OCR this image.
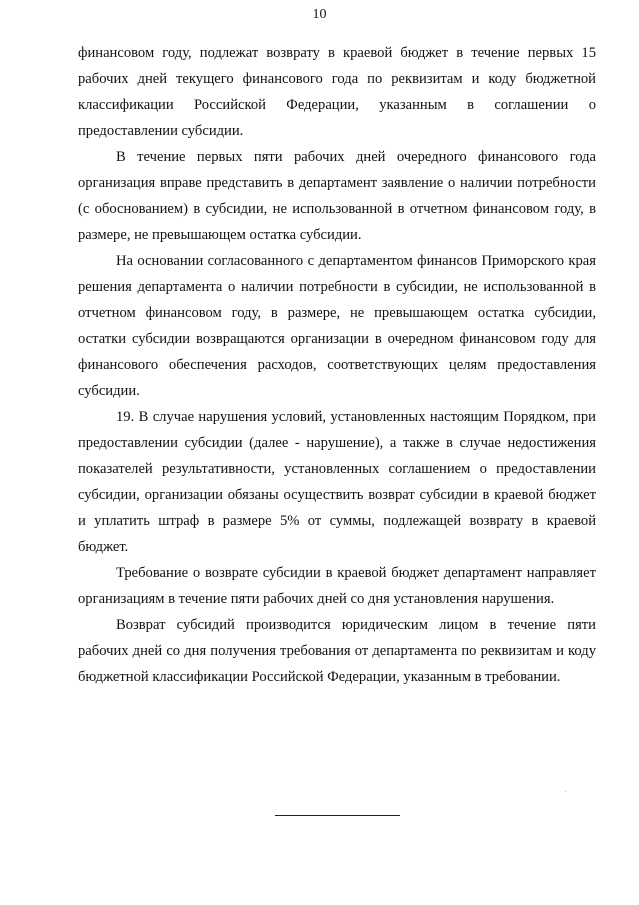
10

финансовом году, подлежат возврату в краевой бюджет в течение первых 15 рабочих дней текущего финансового года по реквизитам и коду бюджетной классификации Российской Федерации, указанным в соглашении о предоставлении субсидии.

В течение первых пяти рабочих дней очередного финансового года организация вправе представить в департамент заявление о наличии потребности (с обоснованием) в субсидии, не использованной в отчетном финансовом году, в размере, не превышающем остатка субсидии.

На основании согласованного с департаментом финансов Приморского края решения департамента о наличии потребности в субсидии, не использованной в отчетном финансовом году, в размере, не превышающем остатка субсидии, остатки субсидии возвращаются организации в очередном финансовом году для финансового обеспечения расходов, соответствующих целям предоставления субсидии.

19. В случае нарушения условий, установленных настоящим Порядком, при предоставлении субсидии (далее - нарушение), а также в случае недостижения показателей результативности, установленных соглашением о предоставлении субсидии, организации обязаны осуществить возврат субсидии в краевой бюджет и уплатить штраф в размере 5% от суммы, подлежащей возврату в краевой бюджет.

Требование о возврате субсидии в краевой бюджет департамент направляет организациям в течение пяти рабочих дней со дня установления нарушения.

Возврат субсидий производится юридическим лицом в течение пяти рабочих дней со дня получения требования от департамента по реквизитам и коду бюджетной классификации Российской Федерации, указанным в требовании.
